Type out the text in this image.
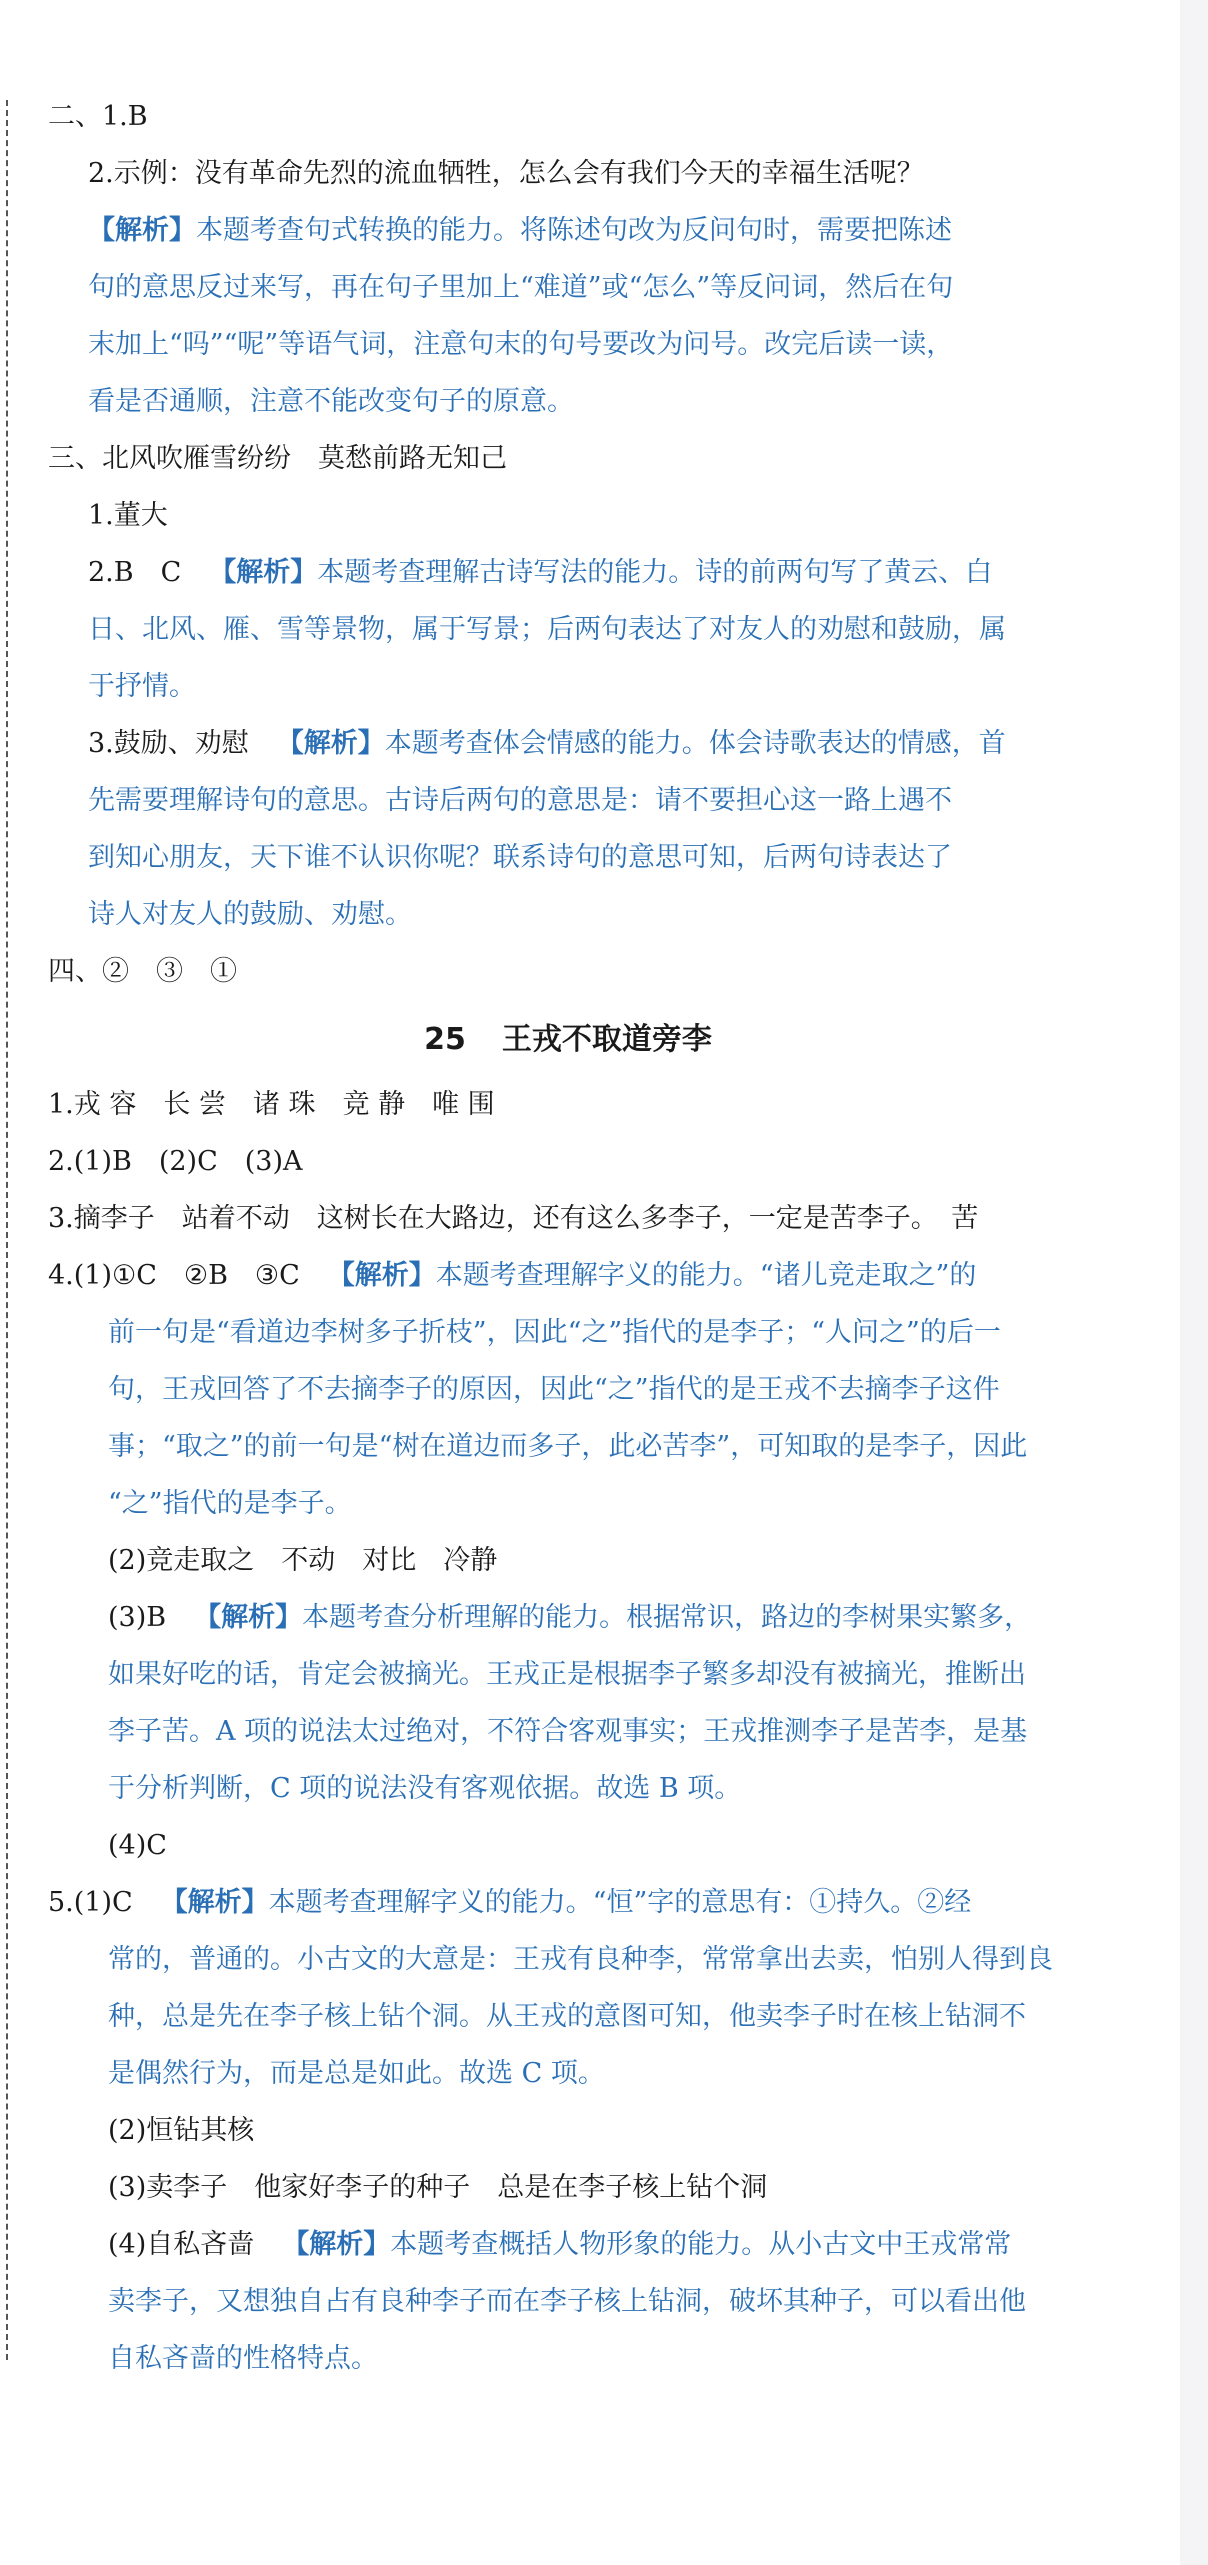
二、1.B
2.示例：没有革命先烈的流血牺牲，怎么会有我们今天的幸福生活呢？
【解析】本题考查句式转换的能力。将陈述句改为反问句时，需要把陈述
句的意思反过来写，再在句子里加上“难道”或“怎么”等反问词，然后在句
末加上“吗”“呢”等语气词，注意句末的句号要改为问号。改完后读一读，
看是否通顺，注意不能改变句子的原意。
三、北风吹雁雪纷纷　莫愁前路无知己
1.董大
2.B　C 【解析】本题考查理解古诗写法的能力。诗的前两句写了黄云、白
日、北风、雁、雪等景物，属于写景；后两句表达了对友人的劝慰和鼓励，属
于抒情。
3.鼓励、劝慰 【解析】本题考查体会情感的能力。体会诗歌表达的情感，首
先需要理解诗句的意思。古诗后两句的意思是：请不要担心这一路上遇不
到知心朋友，天下谁不认识你呢？联系诗句的意思可知，后两句诗表达了
诗人对友人的鼓励、劝慰。
四、②　③　①
25 王戎不取道旁李
1.戎 容　长 尝　诸 珠　竞 静　唯 围
2.(1)B　(2)C　(3)A
3.摘李子　站着不动　这树长在大路边，还有这么多李子，一定是苦李子。　苦
4.(1)①C　②B　③C 【解析】本题考查理解字义的能力。“诸儿竞走取之”的
前一句是“看道边李树多子折枝”，因此“之”指代的是李子；“人问之”的后一
句，王戎回答了不去摘李子的原因，因此“之”指代的是王戎不去摘李子这件
事；“取之”的前一句是“树在道边而多子，此必苦李”，可知取的是李子，因此
“之”指代的是李子。
(2)竞走取之　不动　对比　冷静
(3)B 【解析】本题考查分析理解的能力。根据常识，路边的李树果实繁多，
如果好吃的话，肯定会被摘光。王戎正是根据李子繁多却没有被摘光，推断出
李子苦。A 项的说法太过绝对，不符合客观事实；王戎推测李子是苦李，是基
于分析判断，C 项的说法没有客观依据。故选 B 项。
(4)C
5.(1)C 【解析】本题考查理解字义的能力。“恒”字的意思有：①持久。②经
常的，普通的。小古文的大意是：王戎有良种李，常常拿出去卖，怕别人得到良
种，总是先在李子核上钻个洞。从王戎的意图可知，他卖李子时在核上钻洞不
是偶然行为，而是总是如此。故选 C 项。
(2)恒钻其核
(3)卖李子　他家好李子的种子　总是在李子核上钻个洞
(4)自私吝啬 【解析】本题考查概括人物形象的能力。从小古文中王戎常常
卖李子，又想独自占有良种李子而在李子核上钻洞，破坏其种子，可以看出他
自私吝啬的性格特点。
